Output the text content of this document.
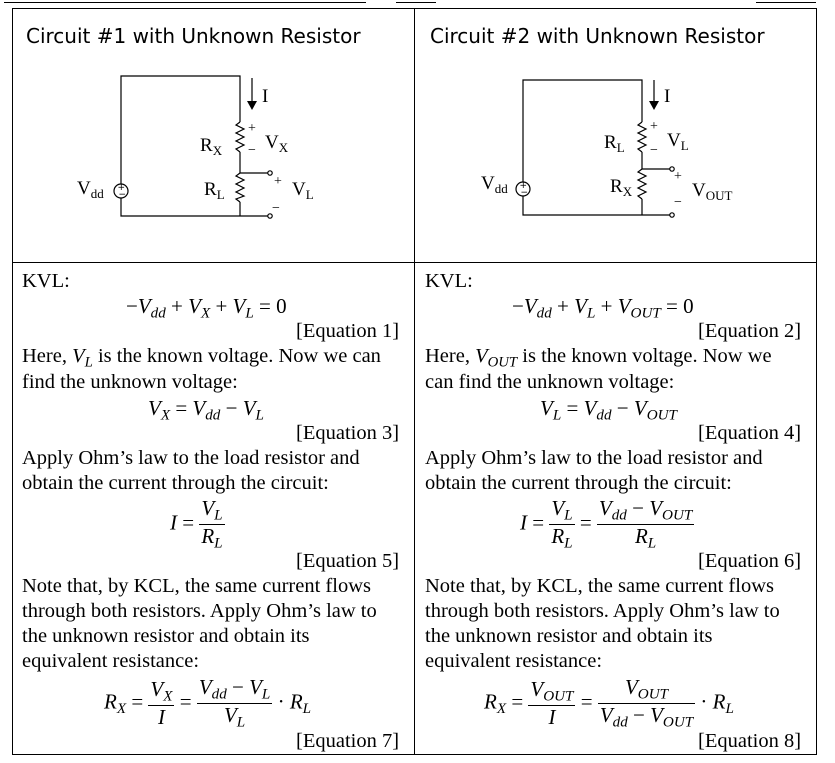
Circuit #1 with Unknown Resistor
+
−
I
$R_X$
+
− $V_X$
$R_L$
+
−
$V_L$
$V_{dd}$
Circuit #2 with Unknown Resistor
+
−
I
$R_L$
+
− $V_L$
$R_X$
+
−
$V_{OUT}$
$V_{dd}$
KVL:
$-V_{dd} + V_X + V_L = 0$
[Equation 1]
Here, $V_L$ is the known voltage. Now we can
find the unknown voltage:
$V_X = V_{dd} - V_L$
[Equation 3]
Apply Ohm’s law to the load resistor and
obtain the current through the circuit:
$I = \frac{V_L}{R_L}$
[Equation 5]
Note that, by KCL, the same current flows
through both resistors. Apply Ohm’s law to
the unknown resistor and obtain its
equivalent resistance:
$R_X = \frac{V_X}{I} = \frac{V_{dd} - V_L}{V_L} \cdot R_L$
[Equation 7]
KVL:
$-V_{dd} + V_L + V_{OUT} = 0$
[Equation 2]
Here, $V_{OUT}$ is the known voltage. Now we
can find the unknown voltage:
$V_L = V_{dd} - V_{OUT}$
[Equation 4]
Apply Ohm’s law to the load resistor and
obtain the current through the circuit:
$I = \frac{V_L}{R_L} = \frac{V_{dd} - V_{OUT}}{R_L}$
[Equation 6]
Note that, by KCL, the same current flows
through both resistors. Apply Ohm’s law to
the unknown resistor and obtain its
equivalent resistance:
$R_X = \frac{V_{OUT}}{I} = \frac{V_{OUT}}{V_{dd} - V_{OUT}} \cdot R_L$
[Equation 8]
